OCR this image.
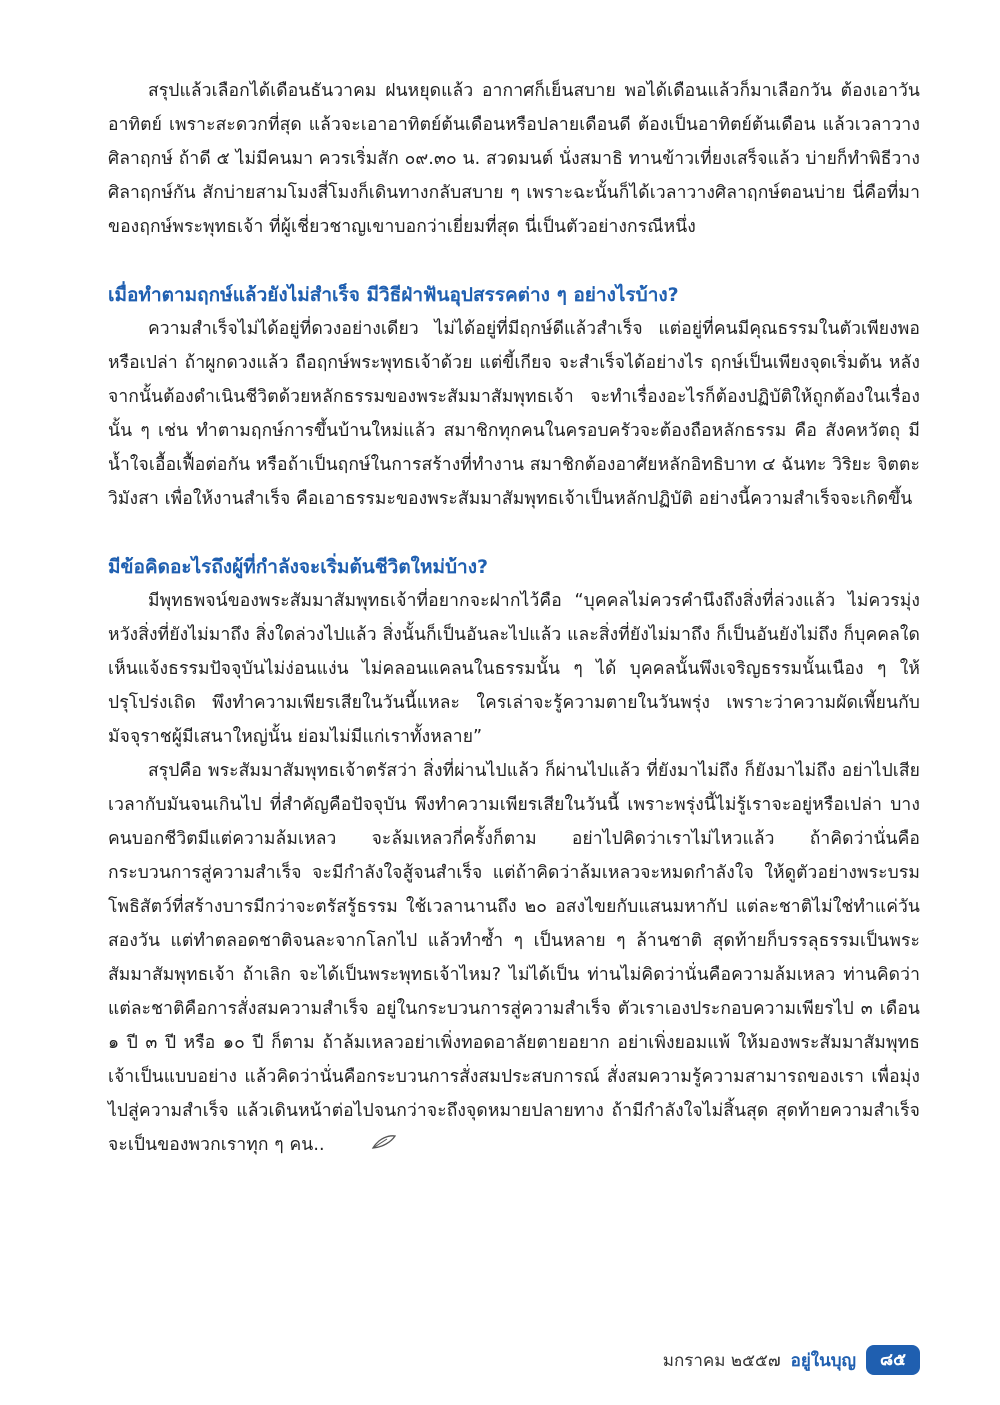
สรุปแล้วเลือกได้เดือนธันวาคม ฝนหยุดแล้ว อากาศก็เย็นสบาย พอได้เดือนแล้วก็มาเลือกวัน ต้องเอาวันอาทิตย์ เพราะสะดวกที่สุด แล้วจะเอาอาทิตย์ต้นเดือนหรือปลายเดือนดี ต้องเป็นอาทิตย์ต้นเดือน แล้วเวลาวางศิลาฤกษ์ ถ้าดี ๕ ไม่มีคนมา ควรเริ่มสัก ๐๙.๓๐ น. สวดมนต์ นั่งสมาธิ ทานข้าวเที่ยงเสร็จแล้ว บ่ายก็ทำพิธีวางศิลาฤกษ์กัน สักบ่ายสามโมงสี่โมงก็เดินทางกลับสบาย ๆ เพราะฉะนั้นก็ได้เวลาวางศิลาฤกษ์ตอนบ่าย นี่คือที่มาของฤกษ์พระพุทธเจ้า ที่ผู้เชี่ยวชาญเขาบอกว่าเยี่ยมที่สุด นี่เป็นตัวอย่างกรณีหนึ่ง

เมื่อทำตามฤกษ์แล้วยังไม่สำเร็จ มีวิธีฝ่าฟันอุปสรรคต่าง ๆ อย่างไรบ้าง?

ความสำเร็จไม่ได้อยู่ที่ดวงอย่างเดียว ไม่ได้อยู่ที่มีฤกษ์ดีแล้วสำเร็จ แต่อยู่ที่คนมีคุณธรรมในตัวเพียงพอหรือเปล่า ถ้าผูกดวงแล้ว ถือฤกษ์พระพุทธเจ้าด้วย แต่ขี้เกียจ จะสำเร็จได้อย่างไร ฤกษ์เป็นเพียงจุดเริ่มต้น หลังจากนั้นต้องดำเนินชีวิตด้วยหลักธรรมของพระสัมมาสัมพุทธเจ้า จะทำเรื่องอะไรก็ต้องปฏิบัติให้ถูกต้องในเรื่องนั้น ๆ เช่น ทำตามฤกษ์การขึ้นบ้านใหม่แล้ว สมาชิกทุกคนในครอบครัวจะต้องถือหลักธรรม คือ สังคหวัตถุ มีน้ำใจเอื้อเฟื้อต่อกัน หรือถ้าเป็นฤกษ์ในการสร้างที่ทำงาน สมาชิกต้องอาศัยหลักอิทธิบาท ๔ ฉันทะ วิริยะ จิตตะ วิมังสา เพื่อให้งานสำเร็จ คือเอาธรรมะของพระสัมมาสัมพุทธเจ้าเป็นหลักปฏิบัติ อย่างนี้ความสำเร็จจะเกิดขึ้น

มีข้อคิดอะไรถึงผู้ที่กำลังจะเริ่มต้นชีวิตใหม่บ้าง?

มีพุทธพจน์ของพระสัมมาสัมพุทธเจ้าที่อยากจะฝากไว้คือ “บุคคลไม่ควรคำนึงถึงสิ่งที่ล่วงแล้ว ไม่ควรมุ่งหวังสิ่งที่ยังไม่มาถึง สิ่งใดล่วงไปแล้ว สิ่งนั้นก็เป็นอันละไปแล้ว และสิ่งที่ยังไม่มาถึง ก็เป็นอันยังไม่ถึง ก็บุคคลใดเห็นแจ้งธรรมปัจจุบันไม่ง่อนแง่น ไม่คลอนแคลนในธรรมนั้น ๆ ได้ บุคคลนั้นพึงเจริญธรรมนั้นเนือง ๆ ให้ปรุโปร่งเถิด พึงทำความเพียรเสียในวันนี้แหละ ใครเล่าจะรู้ความตายในวันพรุ่ง เพราะว่าความผัดเพี้ยนกับมัจจุราชผู้มีเสนาใหญ่นั้น ย่อมไม่มีแก่เราทั้งหลาย”

สรุปคือ พระสัมมาสัมพุทธเจ้าตรัสว่า สิ่งที่ผ่านไปแล้ว ก็ผ่านไปแล้ว ที่ยังมาไม่ถึง ก็ยังมาไม่ถึง อย่าไปเสียเวลากับมันจนเกินไป ที่สำคัญคือปัจจุบัน พึงทำความเพียรเสียในวันนี้ เพราะพรุ่งนี้ไม่รู้เราจะอยู่หรือเปล่า บางคนบอกชีวิตมีแต่ความล้มเหลว จะล้มเหลวกี่ครั้งก็ตาม อย่าไปคิดว่าเราไม่ไหวแล้ว ถ้าคิดว่านั่นคือกระบวนการสู่ความสำเร็จ จะมีกำลังใจสู้จนสำเร็จ แต่ถ้าคิดว่าล้มเหลวจะหมดกำลังใจ ให้ดูตัวอย่างพระบรมโพธิสัตว์ที่สร้างบารมีกว่าจะตรัสรู้ธรรม ใช้เวลานานถึง ๒๐ อสงไขยกับแสนมหากัป แต่ละชาติไม่ใช่ทำแค่วันสองวัน แต่ทำตลอดชาติจนละจากโลกไป แล้วทำซ้ำ ๆ เป็นหลาย ๆ ล้านชาติ สุดท้ายก็บรรลุธรรมเป็นพระสัมมาสัมพุทธเจ้า ถ้าเลิก จะได้เป็นพระพุทธเจ้าไหม? ไม่ได้เป็น ท่านไม่คิดว่านั่นคือความล้มเหลว ท่านคิดว่าแต่ละชาติคือการสั่งสมความสำเร็จ อยู่ในกระบวนการสู่ความสำเร็จ ตัวเราเองประกอบความเพียรไป ๓ เดือน ๑ ปี ๓ ปี หรือ ๑๐ ปี ก็ตาม ถ้าล้มเหลวอย่าเพิ่งทอดอาลัยตายอยาก อย่าเพิ่งยอมแพ้ ให้มองพระสัมมาสัมพุทธเจ้าเป็นแบบอย่าง แล้วคิดว่านั่นคือกระบวนการสั่งสมประสบการณ์ สั่งสมความรู้ความสามารถของเรา เพื่อมุ่งไปสู่ความสำเร็จ แล้วเดินหน้าต่อไปจนกว่าจะถึงจุดหมายปลายทาง ถ้ามีกำลังใจไม่สิ้นสุด สุดท้ายความสำเร็จจะเป็นของพวกเราทุก ๆ คน..

มกราคม ๒๕๕๗ อยู่ในบุญ	๘๕
